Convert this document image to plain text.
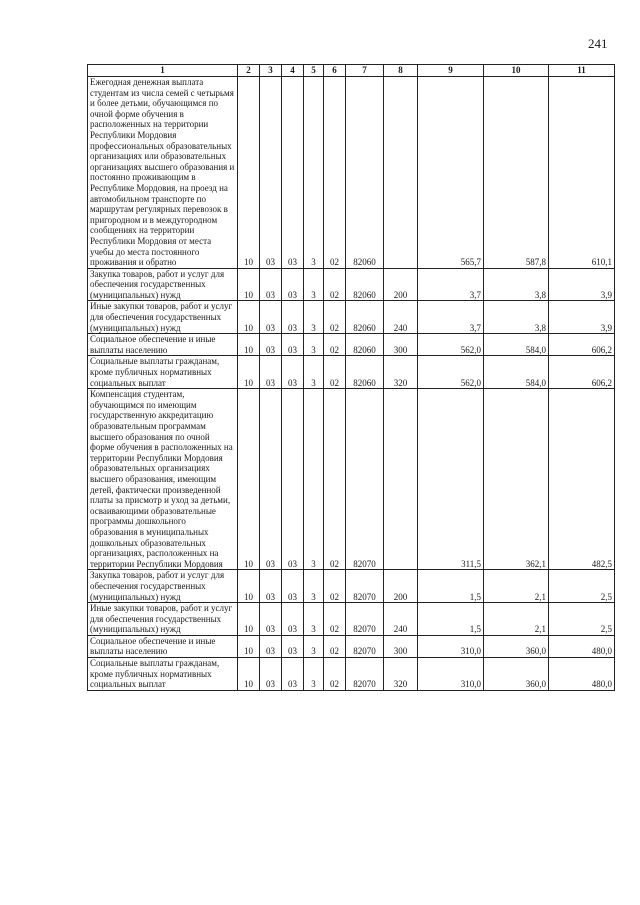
241
1	2	3	4	5	6	7	8	9	10	11
Ежегодная денежная выплата студентам из числа семей с четырьмя и более детьми, обучающимся по очной форме обучения в расположенных на территории Республики Мордовия профессиональных образовательных организациях или образовательных организациях высшего образования и постоянно проживающим в Республике Мордовия, на проезд на автомобильном транспорте по маршрутам регулярных перевозок в пригородном и в междугородном сообщениях на территории Республики Мордовия от места учебы до места постоянного проживания и обратно	10	03	03	3	02	82060		565,7	587,8	610,1
Закупка товаров, работ и услуг для обеспечения государственных (муниципальных) нужд	10	03	03	3	02	82060	200	3,7	3,8	3,9
Иные закупки товаров, работ и услуг для обеспечения государственных (муниципальных) нужд	10	03	03	3	02	82060	240	3,7	3,8	3,9
Социальное обеспечение и иные выплаты населению	10	03	03	3	02	82060	300	562,0	584,0	606,2
Социальные выплаты гражданам, кроме публичных нормативных социальных выплат	10	03	03	3	02	82060	320	562,0	584,0	606,2
Компенсация студентам, обучающимся по имеющим государственную аккредитацию образовательным программам высшего образования по очной форме обучения в расположенных на территории Республики Мордовия образовательных организациях высшего образования, имеющим детей, фактически произведенной платы за присмотр и уход за детьми, осваивающими образовательные программы дошкольного образования в муниципальных дошкольных образовательных организациях, расположенных на территории Республики Мордовия	10	03	03	3	02	82070		311,5	362,1	482,5
Закупка товаров, работ и услуг для обеспечения государственных (муниципальных) нужд	10	03	03	3	02	82070	200	1,5	2,1	2,5
Иные закупки товаров, работ и услуг для обеспечения государственных (муниципальных) нужд	10	03	03	3	02	82070	240	1,5	2,1	2,5
Социальное обеспечение и иные выплаты населению	10	03	03	3	02	82070	300	310,0	360,0	480,0
Социальные выплаты гражданам, кроме публичных нормативных социальных выплат	10	03	03	3	02	82070	320	310,0	360,0	480,0
